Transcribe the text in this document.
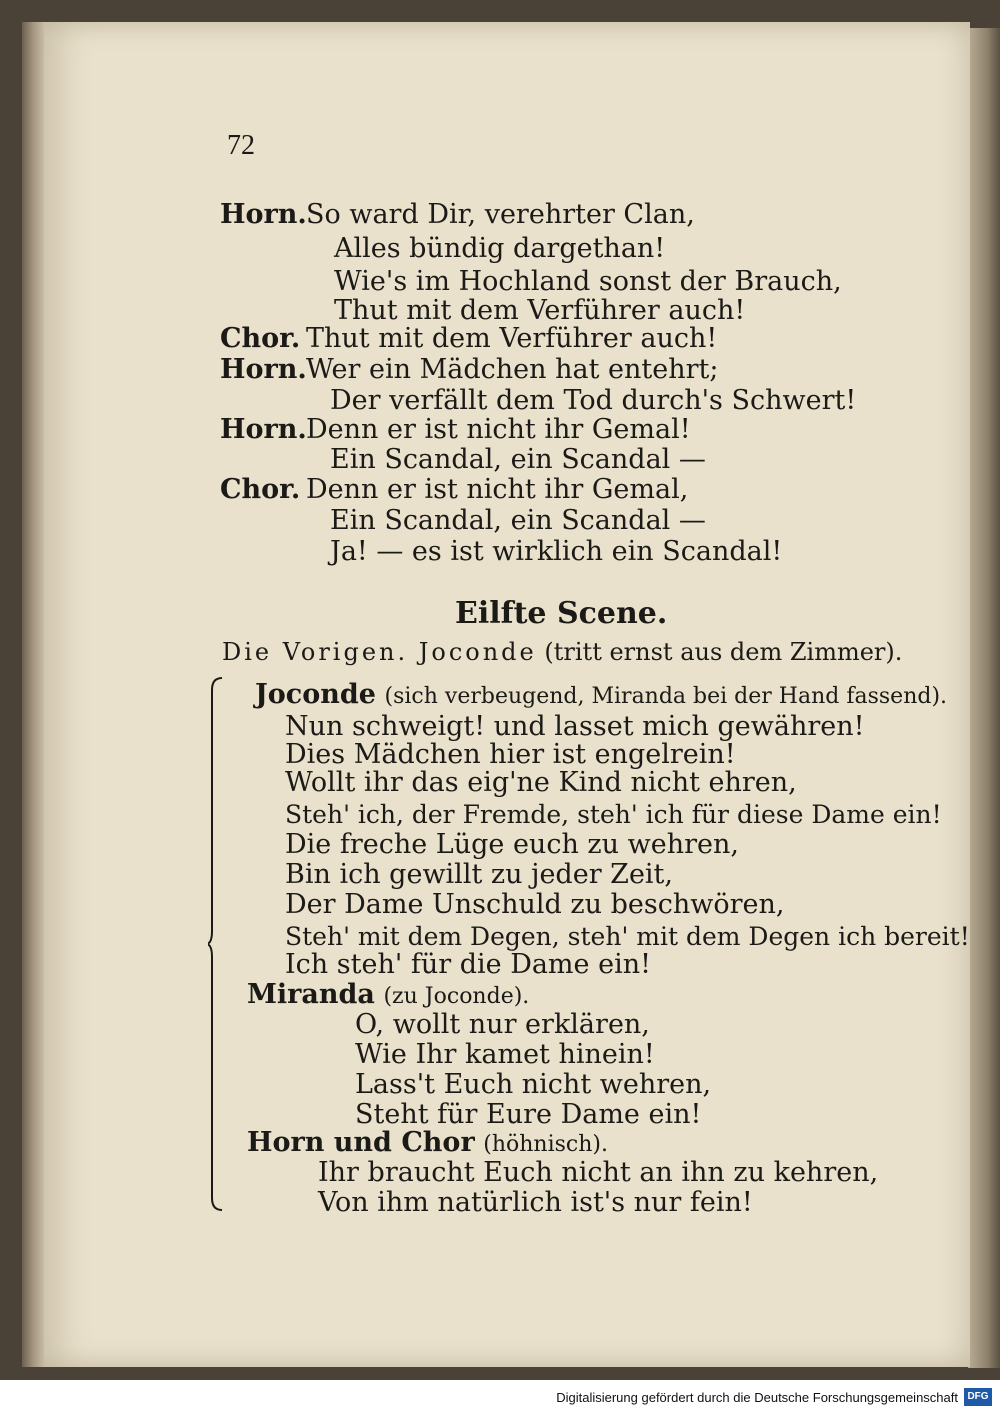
72
Horn. So ward Dir, verehrter Clan,
Alles bündig dargethan!
Wie's im Hochland sonst der Brauch,
Thut mit dem Verführer auch!
Chor. Thut mit dem Verführer auch!
Horn. Wer ein Mädchen hat entehrt;
Der verfällt dem Tod durch's Schwert!
Horn. Denn er ist nicht ihr Gemal!
Ein Scandal, ein Scandal —
Chor. Denn er ist nicht ihr Gemal,
Ein Scandal, ein Scandal —
Ja! — es ist wirklich ein Scandal!
Eilfte Scene.
Die Vorigen. Joconde (tritt ernst aus dem Zimmer).
Joconde (sich verbeugend, Miranda bei der Hand fassend).
Nun schweigt! und lasset mich gewähren!
Dies Mädchen hier ist engelrein!
Wollt ihr das eig'ne Kind nicht ehren,
Steh' ich, der Fremde, steh' ich für diese Dame ein!
Die freche Lüge euch zu wehren,
Bin ich gewillt zu jeder Zeit,
Der Dame Unschuld zu beschwören,
Steh' mit dem Degen, steh' mit dem Degen ich bereit!
Ich steh' für die Dame ein!
Miranda (zu Joconde).
O, wollt nur erklären,
Wie Ihr kamet hinein!
Lass't Euch nicht wehren,
Steht für Eure Dame ein!
Horn und Chor (höhnisch).
Ihr braucht Euch nicht an ihn zu kehren,
Von ihm natürlich ist's nur fein!
Digitalisierung gefördert durch die Deutsche Forschungsgemeinschaft DFG
